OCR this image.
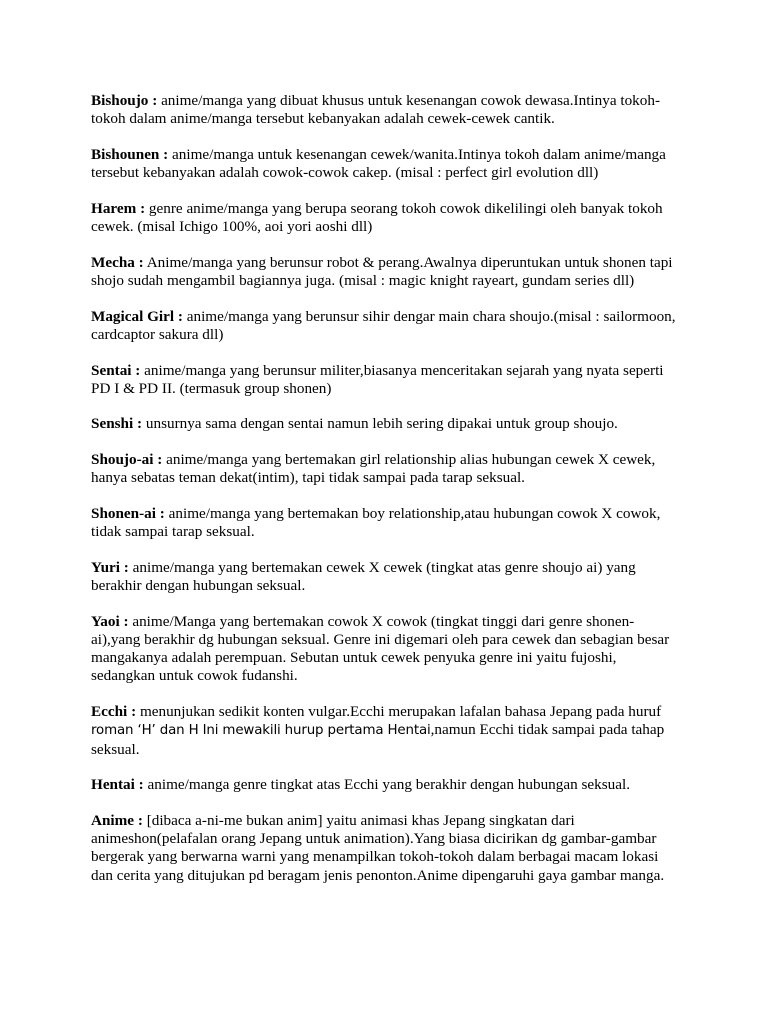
Bishoujo : anime/manga yang dibuat khusus untuk kesenangan cowok dewasa.Intinya tokoh-tokoh dalam anime/manga tersebut kebanyakan adalah cewek-cewek cantik.

Bishounen : anime/manga untuk kesenangan cewek/wanita.Intinya tokoh dalam anime/manga tersebut kebanyakan adalah cowok-cowok cakep. (misal : perfect girl evolution dll)

Harem : genre anime/manga yang berupa seorang tokoh cowok dikelilingi oleh banyak tokoh cewek. (misal Ichigo 100%, aoi yori aoshi dll)

Mecha : Anime/manga yang berunsur robot & perang.Awalnya diperuntukan untuk shonen tapi shojo sudah mengambil bagiannya juga. (misal : magic knight rayeart, gundam series dll)

Magical Girl : anime/manga yang berunsur sihir dengar main chara shoujo.(misal : sailormoon, cardcaptor sakura dll)

Sentai : anime/manga yang berunsur militer,biasanya menceritakan sejarah yang nyata seperti PD I & PD II. (termasuk group shonen)

Senshi : unsurnya sama dengan sentai namun lebih sering dipakai untuk group shoujo.

Shoujo-ai : anime/manga yang bertemakan girl relationship alias hubungan cewek X cewek, hanya sebatas teman dekat(intim), tapi tidak sampai pada tarap seksual.

Shonen-ai : anime/manga yang bertemakan boy relationship,atau hubungan cowok X cowok, tidak sampai tarap seksual.

Yuri : anime/manga yang bertemakan cewek X cewek (tingkat atas genre shoujo ai) yang berakhir dengan hubungan seksual.

Yaoi : anime/Manga yang bertemakan cowok X cowok (tingkat tinggi dari genre shonen-ai),yang berakhir dg hubungan seksual. Genre ini digemari oleh para cewek dan sebagian besar mangakanya adalah perempuan. Sebutan untuk cewek penyuka genre ini yaitu fujoshi, sedangkan untuk cowok fudanshi.

Ecchi : menunjukan sedikit konten vulgar.Ecchi merupakan lafalan bahasa Jepang pada huruf roman ‘H’ dan H Ini mewakili hurup pertama Hentai,namun Ecchi tidak sampai pada tahap seksual.

Hentai : anime/manga genre tingkat atas Ecchi yang berakhir dengan hubungan seksual.

Anime : [dibaca a-ni-me bukan anim] yaitu animasi khas Jepang singkatan dari animeshon(pelafalan orang Jepang untuk animation).Yang biasa dicirikan dg gambar-gambar bergerak yang berwarna warni yang menampilkan tokoh-tokoh dalam berbagai macam lokasi dan cerita yang ditujukan pd beragam jenis penonton.Anime dipengaruhi gaya gambar manga.
